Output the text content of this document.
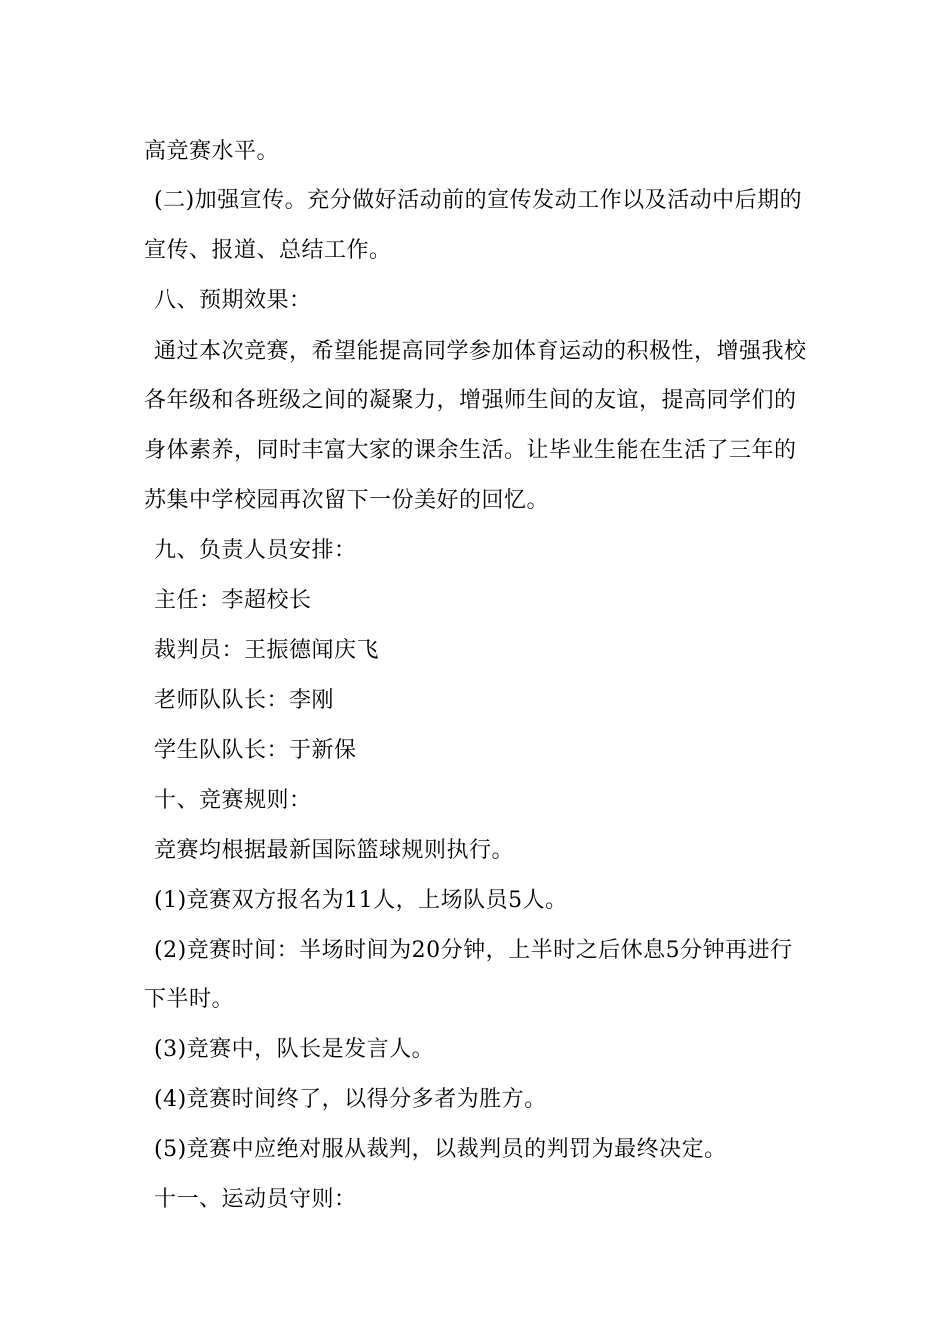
高竞赛水平。
(二)加强宣传。充分做好活动前的宣传发动工作以及活动中后期的
宣传、报道、总结工作。
八、预期效果：
通过本次竞赛，希望能提高同学参加体育运动的积极性，增强我校
各年级和各班级之间的凝聚力，增强师生间的友谊，提高同学们的
身体素养，同时丰富大家的课余生活。让毕业生能在生活了三年的
苏集中学校园再次留下一份美好的回忆。
九、负责人员安排：
主任：李超校长
裁判员：王振德闻庆飞
老师队队长：李刚
学生队队长：于新保
十、竞赛规则：
竞赛均根据最新国际篮球规则执行。
(1)竞赛双方报名为11人，上场队员5人。
(2)竞赛时间：半场时间为20分钟，上半时之后休息5分钟再进行
下半时。
(3)竞赛中，队长是发言人。
(4)竞赛时间终了，以得分多者为胜方。
(5)竞赛中应绝对服从裁判，以裁判员的判罚为最终决定。
十一、运动员守则：
